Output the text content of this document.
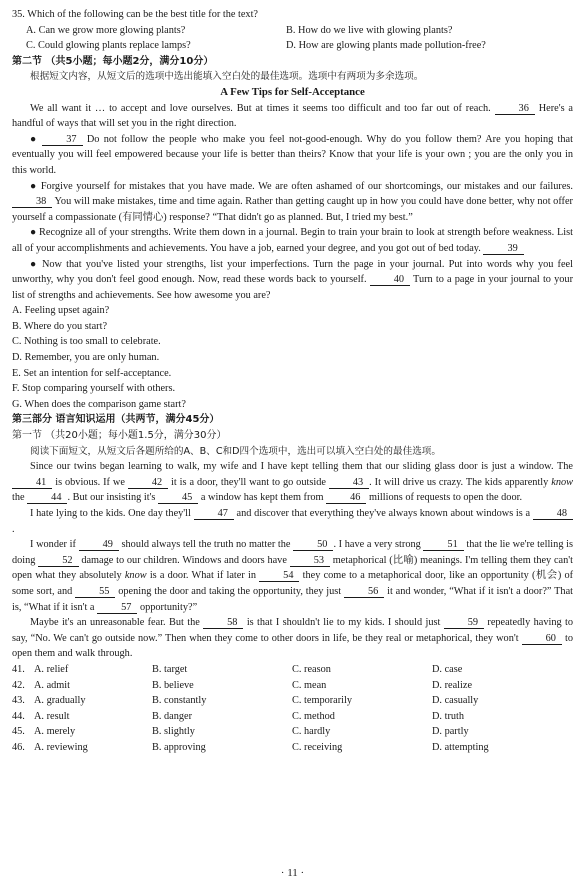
35. Which of the following can be the best title for the text?
A. Can we grow more glowing plants?	B. How do we live with glowing plants?
C. Could glowing plants replace lamps?	D. How are glowing plants made pollution-free?
第二节 （共5小题；每小题2分，满分10分）
根据短文内容，从短文后的选项中选出能填入空白处的最佳选项。选项中有两项为多余选项。
A Few Tips for Self-Acceptance
We all want it … to accept and love ourselves. But at times it seems too difficult and too far out of reach.	36 Here's a handful of ways that will set you in the right direction.
●	37 Do not follow the people who make you feel not-good-enough. Why do you follow them? Are you hoping that eventually you will feel empowered because your life is better than theirs? Know that your life is your own ; you are the only you in this world.
● Forgive yourself for mistakes that you have made. We are often ashamed of our shortcomings, our mistakes and our failures. 38 You will make mistakes, time and time again. Rather than getting caught up in how you could have done better, why not offer yourself a compassionate (有同情心) response? “That didn't go as planned. But, I tried my best.”
● Recognize all of your strengths. Write them down in a journal. Begin to train your brain to look at strength before weakness. List all of your accomplishments and achievements. You have a job, earned your degree, and you got out of bed today.	39
● Now that you've listed your strengths, list your imperfections. Turn the page in your journal. Put into words why you feel unworthy, why you don't feel good enough. Now, read these words back to yourself.	40 Turn to a page in your journal to your list of strengths and achievements. See how awesome you are?
A. Feeling upset again?
B. Where do you start?
C. Nothing is too small to celebrate.
D. Remember, you are only human.
E. Set an intention for self-acceptance.
F. Stop comparing yourself with others.
G. When does the comparison game start?
第三部分 语言知识运用（共两节，满分45分）
第一节 （共20小题；每小题1.5分，满分30分）
阅读下面短文，从短文后各题所给的A、B、C和D四个选项中，选出可以填入空白处的最佳选项。
Since our twins began learning to walk, my wife and I have kept telling them that our sliding glass door is just a window. The 41 is obvious. If we	42 it is a door, they'll want to go outside	43 . It will drive us crazy. The kids apparently know the	44 . But our insisting it's	45 a window has kept them from	46 millions of requests to open the door.
I hate lying to the kids. One day they'll	47 and discover that everything they've always known about windows is a	48.
I wonder if	49 should always tell the truth no matter the	50 . I have a very strong	51 that the lie we're telling is doing	52 damage to our children. Windows and doors have	53 metaphorical (比喻) meanings. I'm telling them they can't open what they absolutely know is a door. What if later in	54 they come to a metaphorical door, like an opportunity (机会) of some sort, and	55 opening the door and taking the opportunity, they just	56 it and wonder, “What if it isn't a door?” That is, “What if it isn't a	57 opportunity?”
Maybe it's an unreasonable fear. But the	58 is that I shouldn't lie to my kids. I should just	59 repeatedly having to say, “No. We can't go outside now.” Then when they come to other doors in life, be they real or metaphorical, they won't	60 to open them and walk through.
41. A. relief	B. target	C. reason	D. case
42. A. admit	B. believe	C. mean	D. realize
43. A. gradually	B. constantly	C. temporarily	D. casually
44. A. result	B. danger	C. method	D. truth
45. A. merely	B. slightly	C. hardly	D. partly
46. A. reviewing	B. approving	C. receiving	D. attempting
· 11 ·
